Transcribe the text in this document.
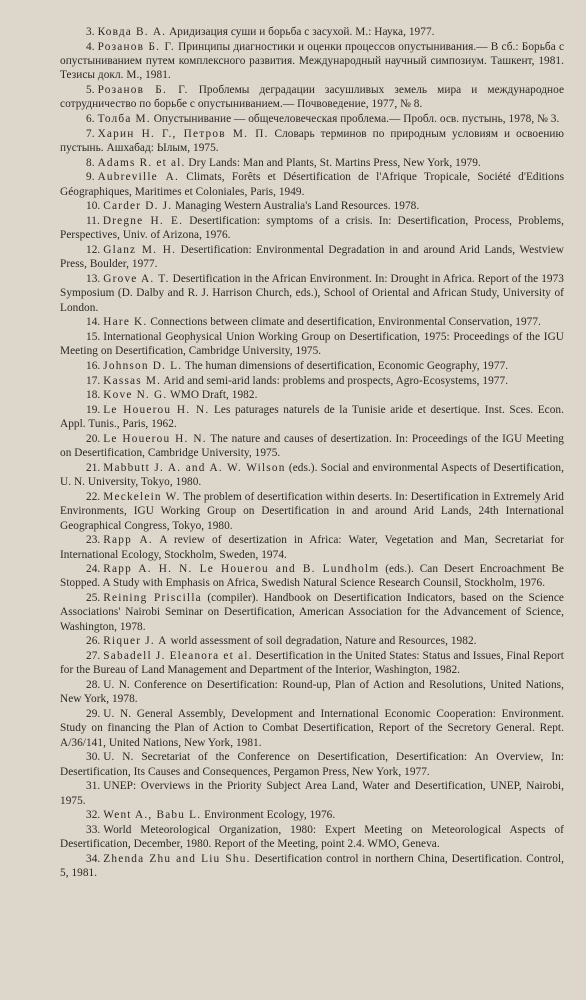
3. Ковда В. А. Аридизация суши и борьба с засухой. М.: Наука, 1977.
4. Розанов Б. Г. Принципы диагностики и оценки процессов опустынивания.— В сб.: Борьба с опустыниванием путем комплексного развития. Международный научный симпозиум. Ташкент, 1981. Тезисы докл. М., 1981.
5. Розанов Б. Г. Проблемы деградации засушливых земель мира и международное сотрудничество по борьбе с опустыниванием.— Почвоведение, 1977, № 8.
6. Толба М. Опустынивание — общечеловеческая проблема.— Пробл. осв. пустынь, 1978, № 3.
7. Харин Н. Г., Петров М. П. Словарь терминов по природным условиям и освоению пустынь. Ашхабад: Ылым, 1975.
8. Adams R. et al. Dry Lands: Man and Plants, St. Martins Press, New York, 1979.
9. Aubreville A. Climats, Forêts et Désertification de l'Afrique Tropicale, Société d'Editions Géographiques, Maritimes et Coloniales, Paris, 1949.
10. Carder D. J. Managing Western Australia's Land Resources. 1978.
11. Dregne H. E. Desertification: symptoms of a crisis. In: Desertification, Process, Problems, Perspectives, Univ. of Arizona, 1976.
12. Glanz M. H. Desertification: Environmental Degradation in and around Arid Lands, Westview Press, Boulder, 1977.
13. Grove A. T. Desertification in the African Environment. In: Drought in Africa. Report of the 1973 Symposium (D. Dalby and R. J. Harrison Church, eds.), School of Oriental and African Study, University of London.
14. Hare K. Connections between climate and desertification, Environmental Conservation, 1977.
15. International Geophysical Union Working Group on Desertification, 1975: Proceedings of the IGU Meeting on Desertification, Cambridge University, 1975.
16. Johnson D. L. The human dimensions of desertification, Economic Geography, 1977.
17. Kassas M. Arid and semi-arid lands: problems and prospects, Agro-Ecosystems, 1977.
18. Kove N. G. WMO Draft, 1982.
19. Le Houerou H. N. Les paturages naturels de la Tunisie aride et desertique. Inst. Sces. Econ. Appl. Tunis., Paris, 1962.
20. Le Houerou H. N. The nature and causes of desertization. In: Proceedings of the IGU Meeting on Desertification, Cambridge University, 1975.
21. Mabbutt J. A. and A. W. Wilson (eds.). Social and environmental Aspects of Desertification, U. N. University, Tokyo, 1980.
22. Meckelein W. The problem of desertification within deserts. In: Desertification in Extremely Arid Environments, IGU Working Group on Desertification in and around Arid Lands, 24th International Geographical Congress, Tokyo, 1980.
23. Rapp A. A review of desertization in Africa: Water, Vegetation and Man, Secretariat for International Ecology, Stockholm, Sweden, 1974.
24. Rapp A. H. N. Le Houerou and B. Lundholm (eds.). Can Desert Encroachment Be Stopped. A Study with Emphasis on Africa, Swedish Natural Science Research Counsil, Stockholm, 1976.
25. Reining Priscilla (compiler). Handbook on Desertification Indicators, based on the Science Associations' Nairobi Seminar on Desertification, American Association for the Advancement of Science, Washington, 1978.
26. Riquer J. A world assessment of soil degradation, Nature and Resources, 1982.
27. Sabadell J. Eleanora et al. Desertification in the United States: Status and Issues, Final Report for the Bureau of Land Management and Department of the Interior, Washington, 1982.
28. U. N. Conference on Desertification: Round-up, Plan of Action and Resolutions, United Nations, New York, 1978.
29. U. N. General Assembly, Development and International Economic Cooperation: Environment. Study on financing the Plan of Action to Combat Desertification, Report of the Secretory General. Rept. A/36/141, United Nations, New York, 1981.
30. U. N. Secretariat of the Conference on Desertification, Desertification: An Overview, In: Desertification, Its Causes and Consequences, Pergamon Press, New York, 1977.
31. UNEP: Overviews in the Priority Subject Area Land, Water and Desertification, UNEP, Nairobi, 1975.
32. Went A., Babu L. Environment Ecology, 1976.
33. World Meteorological Organization, 1980: Expert Meeting on Meteorological Aspects of Desertification, December, 1980. Report of the Meeting, point 2.4. WMO, Geneva.
34. Zhenda Zhu and Liu Shu. Desertification control in northern China, Desertification. Control, 5, 1981.
